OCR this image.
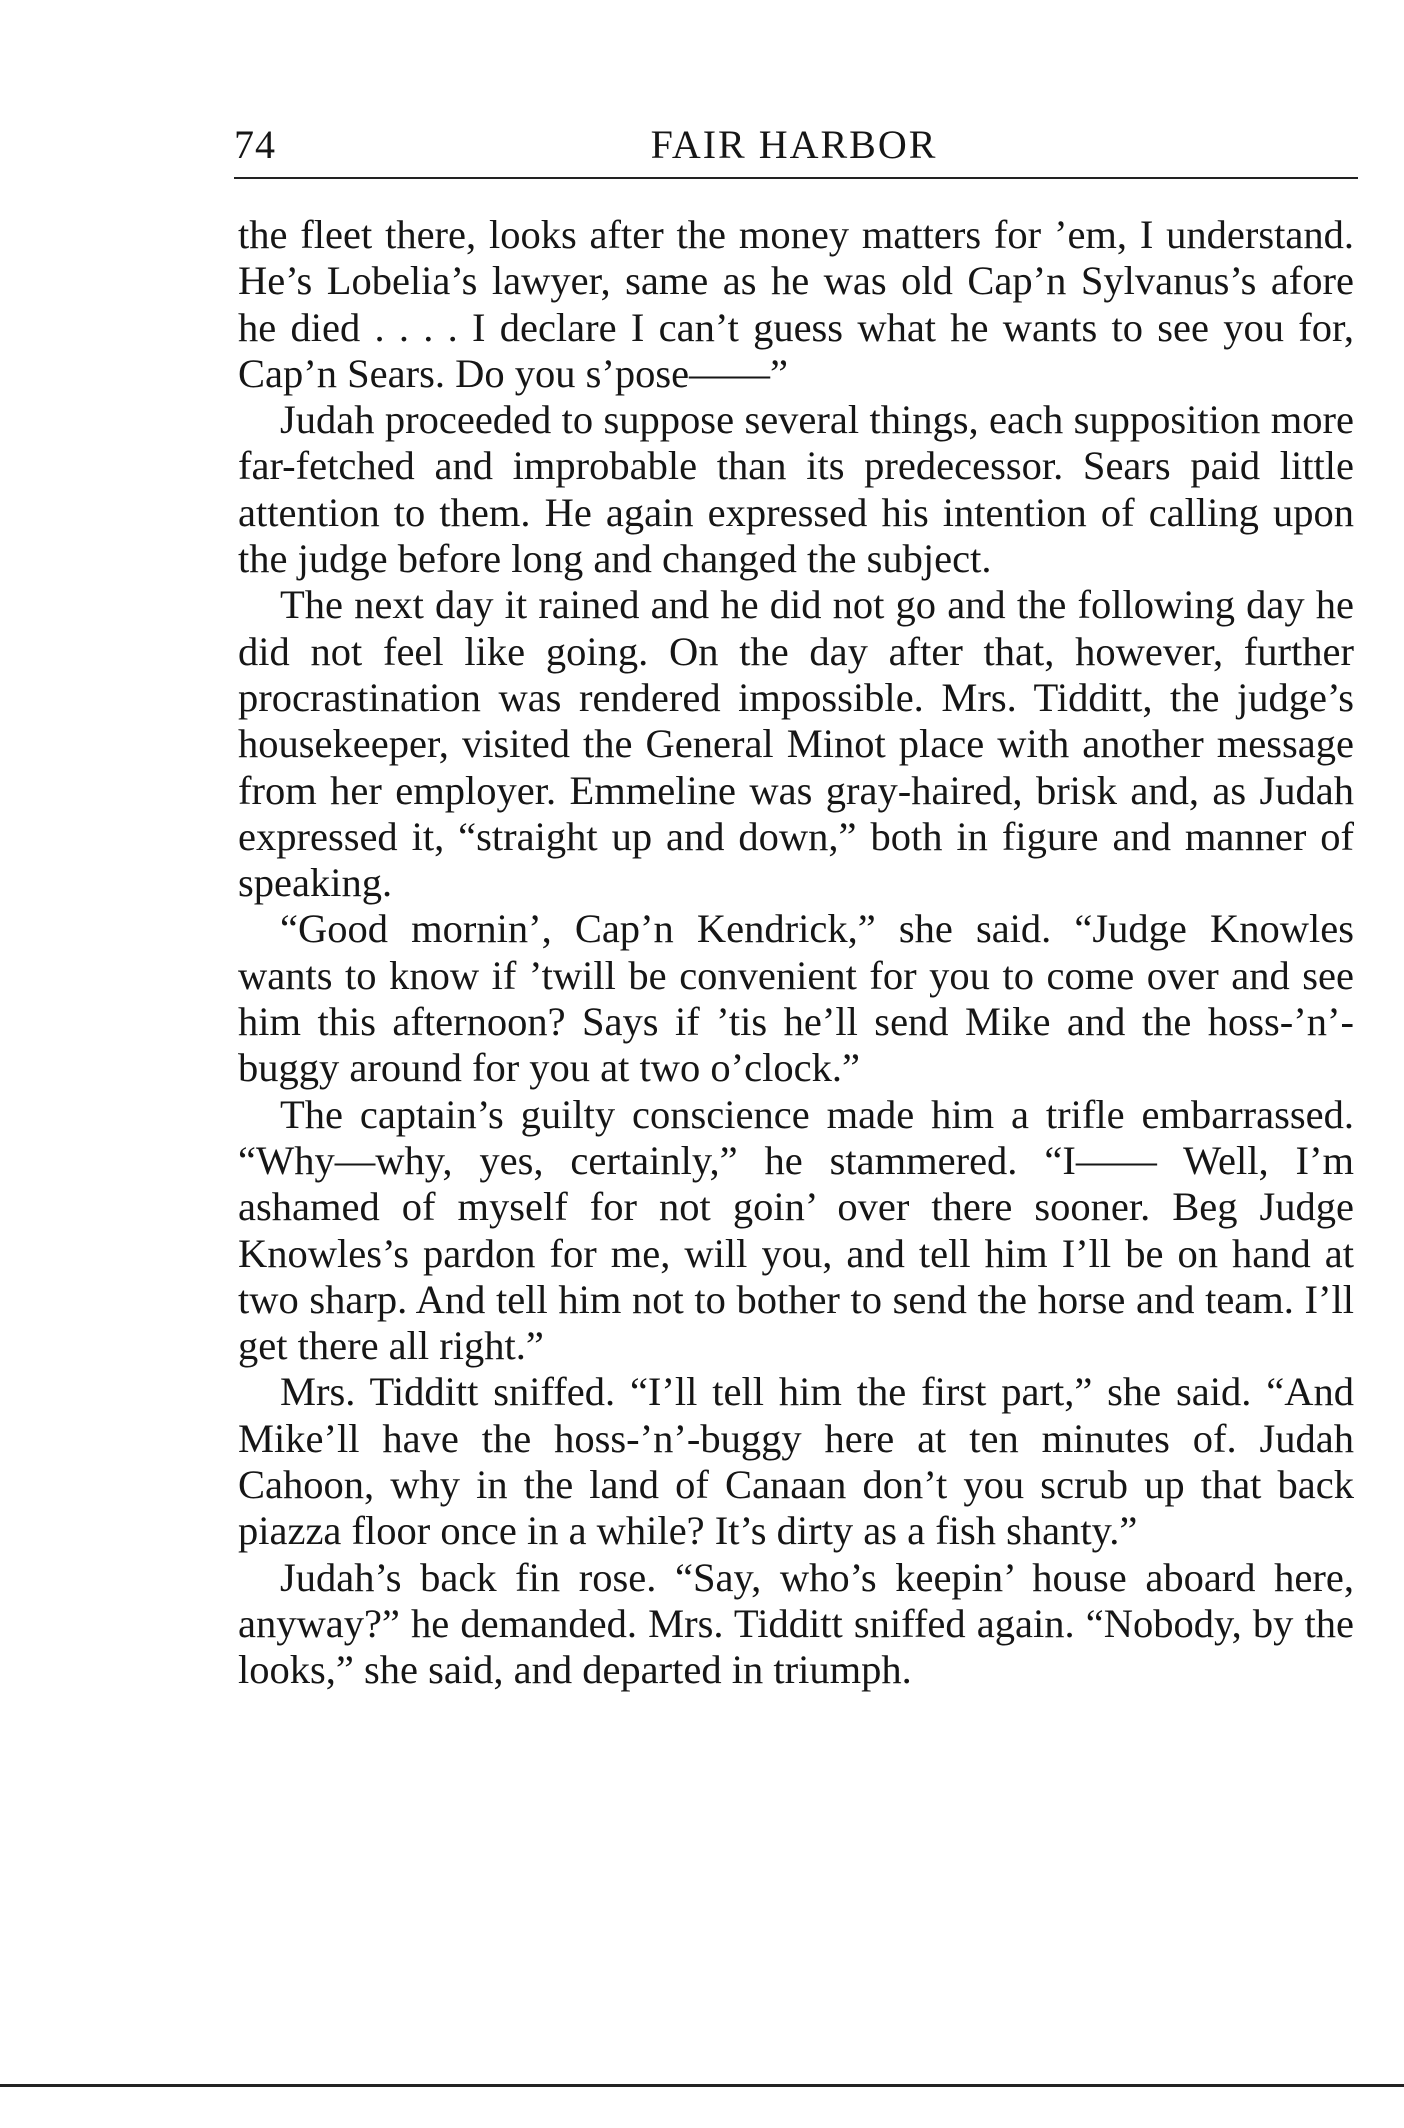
74	FAIR HARBOR

the fleet there, looks after the money matters for ’em, I understand. He’s Lobelia’s lawyer, same as he was old Cap’n Sylvanus’s afore he died . . . . I declare I can’t guess what he wants to see you for, Cap’n Sears. Do you s’pose——”

Judah proceeded to suppose several things, each supposition more far-fetched and improbable than its predecessor. Sears paid little attention to them. He again expressed his intention of calling upon the judge before long and changed the subject.

The next day it rained and he did not go and the following day he did not feel like going. On the day after that, however, further procrastination was rendered impossible. Mrs. Tidditt, the judge’s housekeeper, visited the General Minot place with another message from her employer. Emmeline was gray-haired, brisk and, as Judah expressed it, “straight up and down,” both in figure and manner of speaking.

“Good mornin’, Cap’n Kendrick,” she said. “Judge Knowles wants to know if ’twill be convenient for you to come over and see him this afternoon? Says if ’tis he’ll send Mike and the hoss-’n’-buggy around for you at two o’clock.”

The captain’s guilty conscience made him a trifle embarrassed. “Why—why, yes, certainly,” he stammered. “I—— Well, I’m ashamed of myself for not goin’ over there sooner. Beg Judge Knowles’s pardon for me, will you, and tell him I’ll be on hand at two sharp. And tell him not to bother to send the horse and team. I’ll get there all right.”

Mrs. Tidditt sniffed. “I’ll tell him the first part,” she said. “And Mike’ll have the hoss-’n’-buggy here at ten minutes of. Judah Cahoon, why in the land of Canaan don’t you scrub up that back piazza floor once in a while? It’s dirty as a fish shanty.”

Judah’s back fin rose. “Say, who’s keepin’ house aboard here, anyway?” he demanded. Mrs. Tidditt sniffed again. “Nobody, by the looks,” she said, and departed in triumph.
